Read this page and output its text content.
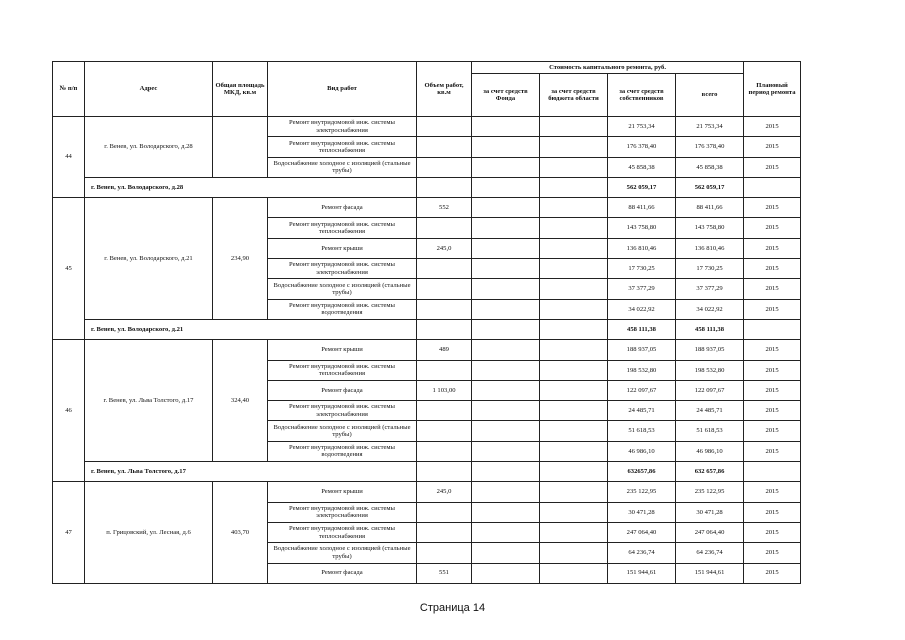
№ п/п	Адрес	Общая площадь МКД, кв.м	Вид работ	Объем работ, кв.м	Стоимость капитального ремонта, руб.				Плановый период ремонта
					за счет средств Фонда	за счет средств бюджета области	за счет средств собственников	всего	
44	г. Венев, ул. Володарского, д.28		Ремонт внутридомовой инж. системы электроснабжения				21 753,34	21 753,34	2015
			Ремонт внутридомовой инж. системы теплоснабжения				176 378,40	176 378,40	2015
			Водоснабжение холодное с изоляцией (стальные трубы)				45 858,38	45 858,38	2015
	г. Венев, ул. Володарского, д.28						562 059,17	562 059,17	
45	г. Венев, ул. Володарского, д.21	234,90	Ремонт фасада	552			88 411,66	88 411,66	2015
			Ремонт внутридомовой инж. системы теплоснабжения				143 758,80	143 758,80	2015
			Ремонт крыши	245,0			136 810,46	136 810,46	2015
			Ремонт внутридомовой инж. системы электроснабжения				17 730,25	17 730,25	2015
			Водоснабжение холодное с изоляцией (стальные трубы)				37 377,29	37 377,29	2015
			Ремонт внутридомовой инж. системы водоотведения				34 022,92	34 022,92	2015
	г. Венев, ул. Володарского, д.21						458 111,38	458 111,38	
46	г. Венев, ул. Льва Толстого, д.17	324,40	Ремонт крыши	489			188 937,05	188 937,05	2015
			Ремонт внутридомовой инж. системы теплоснабжения				198 532,80	198 532,80	2015
			Ремонт фасада	1 103,00			122 097,67	122 097,67	2015
			Ремонт внутридомовой инж. системы электроснабжения				24 485,71	24 485,71	2015
			Водоснабжение холодное с изоляцией (стальные трубы)				51 618,53	51 618,53	2015
			Ремонт внутридомовой инж. системы водоотведения				46 986,10	46 986,10	2015
	г. Венев, ул. Льва Толстого, д.17						632657,86	632 657,86	
47	п. Грицовский, ул. Лесная, д.6	403,70	Ремонт крыши	245,0			235 122,95	235 122,95	2015
			Ремонт внутридомовой инж. системы электроснабжения				30 471,28	30 471,28	2015
			Ремонт внутридомовой инж. системы теплоснабжения				247 064,40	247 064,40	2015
			Водоснабжение холодное с изоляцией (стальные трубы)				64 236,74	64 236,74	2015
			Ремонт фасада	551			151 944,61	151 944,61	2015
Страница 14
